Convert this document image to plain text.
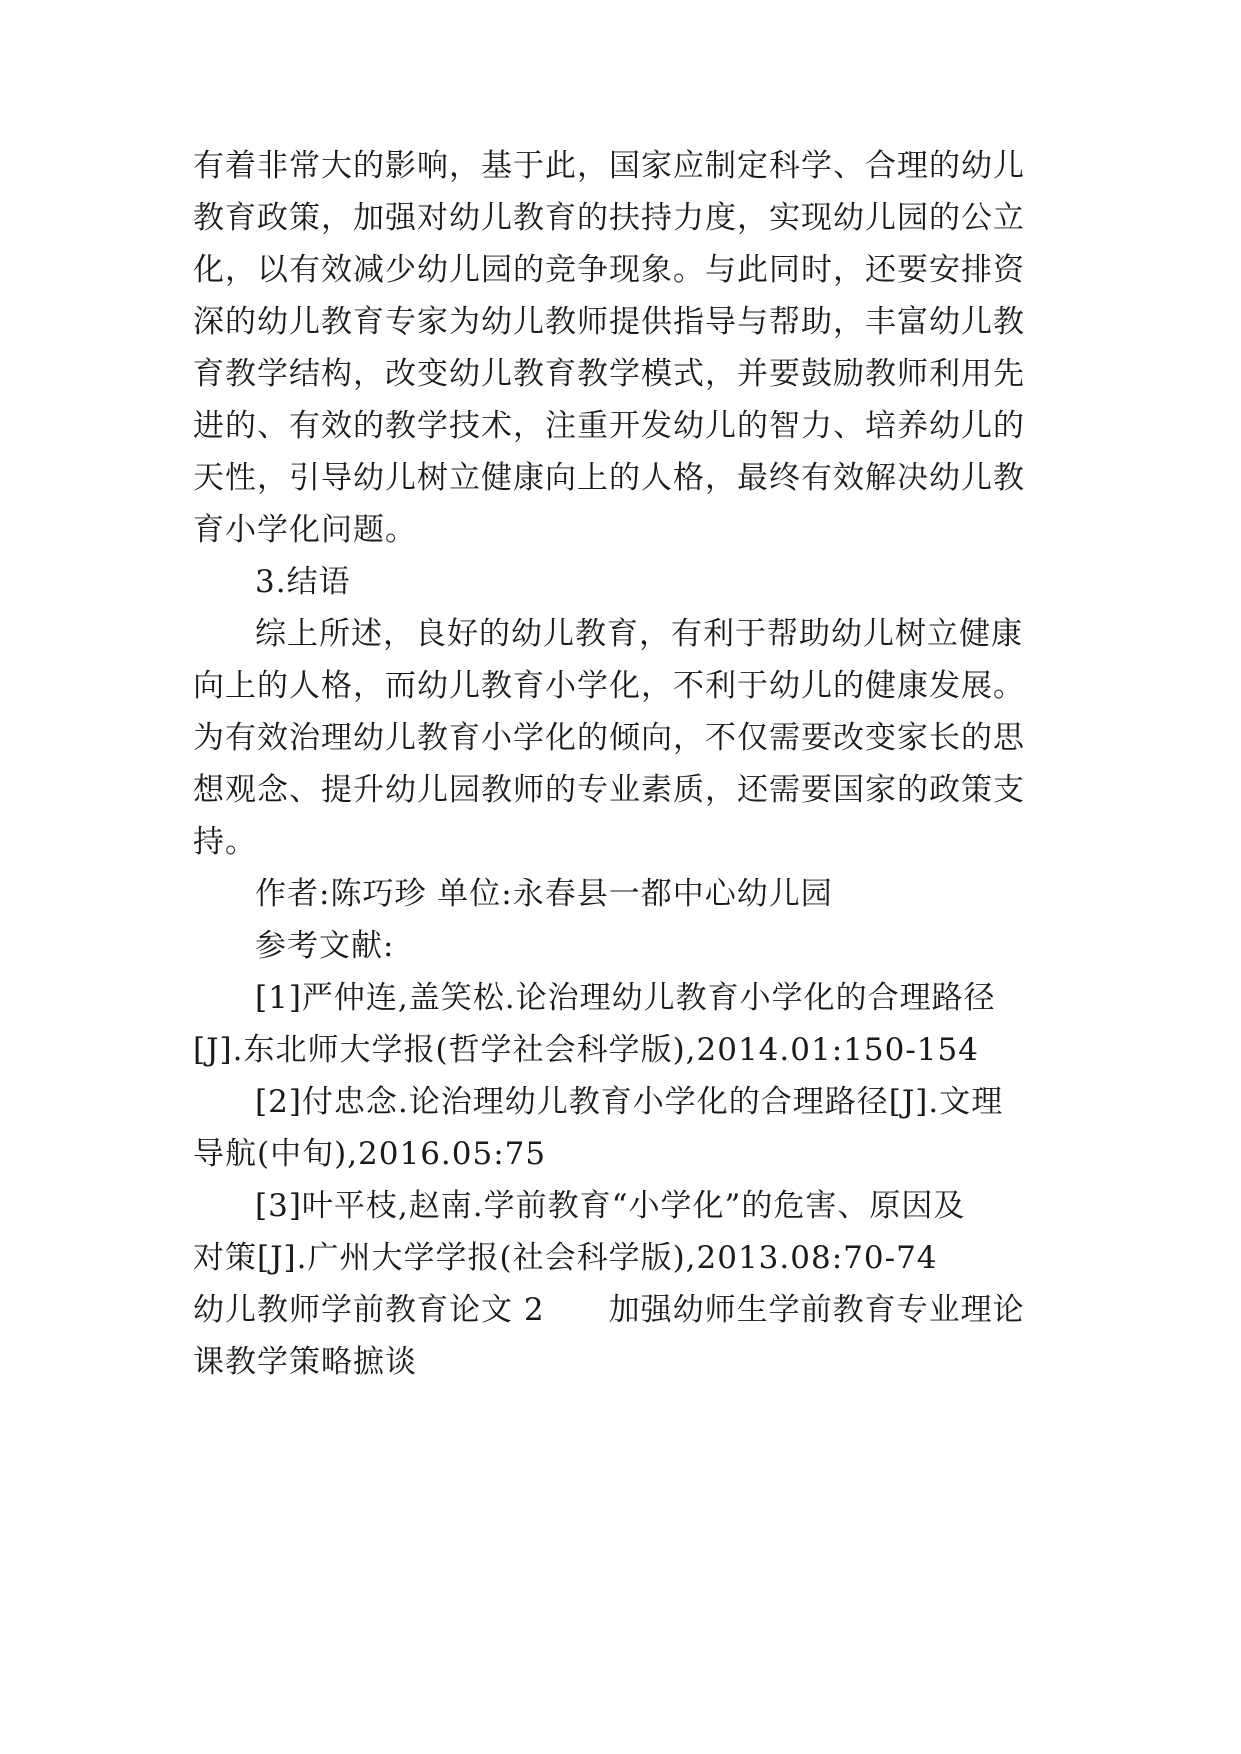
有着非常大的影响，基于此，国家应制定科学、合理的幼儿
教育政策，加强对幼儿教育的扶持力度，实现幼儿园的公立
化，以有效减少幼儿园的竞争现象。与此同时，还要安排资
深的幼儿教育专家为幼儿教师提供指导与帮助，丰富幼儿教
育教学结构，改变幼儿教育教学模式，并要鼓励教师利用先
进的、有效的教学技术，注重开发幼儿的智力、培养幼儿的
天性，引导幼儿树立健康向上的人格，最终有效解决幼儿教
育小学化问题。
3.结语
综上所述，良好的幼儿教育，有利于帮助幼儿树立健康
向上的人格，而幼儿教育小学化，不利于幼儿的健康发展。
为有效治理幼儿教育小学化的倾向，不仅需要改变家长的思
想观念、提升幼儿园教师的专业素质，还需要国家的政策支
持。
作者:陈巧珍 单位:永春县一都中心幼儿园
参考文献:
[1]严仲连,盖笑松.论治理幼儿教育小学化的合理路径
[J].东北师大学报(哲学社会科学版),2014.01:150-154
[2]付忠念.论治理幼儿教育小学化的合理路径[J].文理
导航(中旬),2016.05:75
[3]叶平枝,赵南.学前教育“小学化”的危害、原因及
对策[J].广州大学学报(社会科学版),2013.08:70-74
幼儿教师学前教育论文 2　　加强幼师生学前教育专业理论
课教学策略摭谈
